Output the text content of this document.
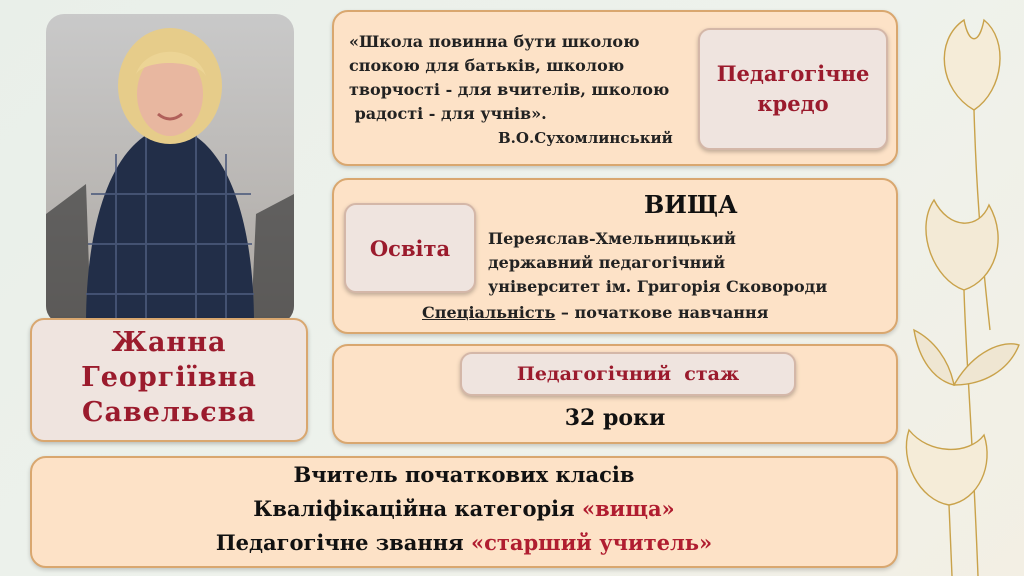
Жанна
Георгіївна
Савельєва
«Школа повинна бути школою
спокою для батьків, школою
творчості - для вчителів, школою
радості - для учнів».
В.О.Сухомлинський
Педагогічне кредо
Освіта
ВИЩА
Переяслав-Хмельницький
державний педагогічний
університет ім. Григорія Сковороди
Спеціальність – початкове навчання
Педагогічний  стаж
32 роки
Вчитель початкових класів
Кваліфікаційна категорія «вища»
Педагогічне звання «старший учитель»
